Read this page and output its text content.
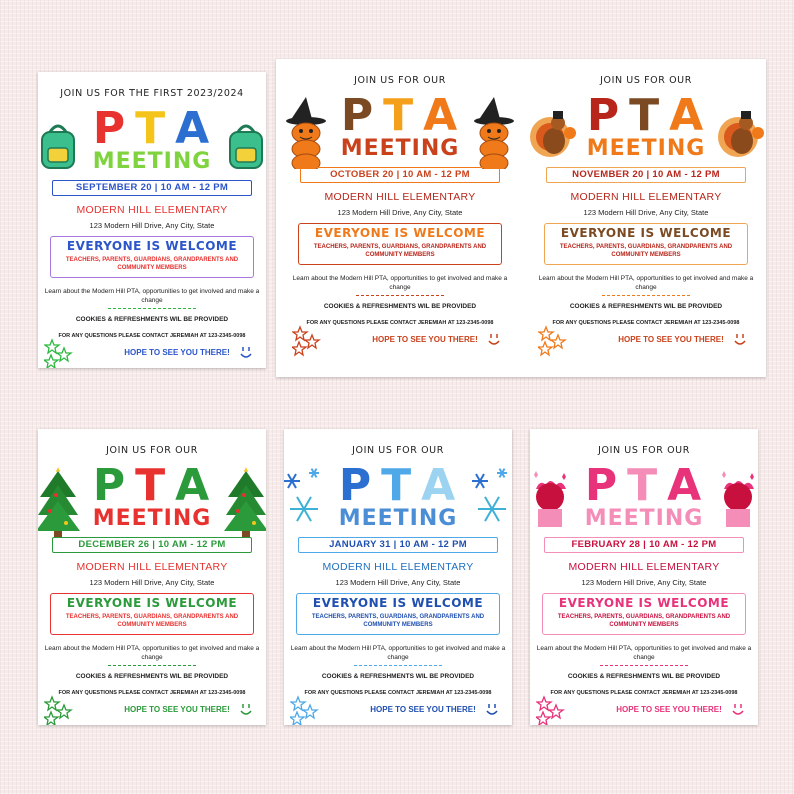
JOIN US FOR THE FIRST 2023/2024
P T A
MEETING
SEPTEMBER 20 | 10 AM - 12 PM
MODERN HILL ELEMENTARY
123 Modern Hill Drive, Any City, State
EVERYONE IS WELCOME
TEACHERS, PARENTS, GUARDIANS, GRANDPARENTS AND COMMUNITY MEMBERS
Learn about the Modern Hill PTA, opportunities to get involved and make a change
COOKIES & REFRESHMENTS WIL BE PROVIDED
FOR ANY QUESTIONS PLEASE CONTACT JEREMIAH AT 123-2345-0098
HOPE TO SEE YOU THERE!
JOIN US FOR OUR
P T A
MEETING
OCTOBER 20 | 10 AM - 12 PM
MODERN HILL ELEMENTARY
123 Modern Hill Drive, Any City, State
EVERYONE IS WELCOME
TEACHERS, PARENTS, GUARDIANS, GRANDPARENTS AND COMMUNITY MEMBERS
Learn about the Modern Hill PTA, opportunities to get involved and make a change
COOKIES & REFRESHMENTS WIL BE PROVIDED
FOR ANY QUESTIONS PLEASE CONTACT JEREMIAH AT 123-2345-0098
HOPE TO SEE YOU THERE!
JOIN US FOR OUR
P T A
MEETING
NOVEMBER 20 | 10 AM - 12 PM
MODERN HILL ELEMENTARY
123 Modern Hill Drive, Any City, State
EVERYONE IS WELCOME
TEACHERS, PARENTS, GUARDIANS, GRANDPARENTS AND COMMUNITY MEMBERS
Learn about the Modern Hill PTA, opportunities to get involved and make a change
COOKIES & REFRESHMENTS WIL BE PROVIDED
FOR ANY QUESTIONS PLEASE CONTACT JEREMIAH AT 123-2345-0098
HOPE TO SEE YOU THERE!
JOIN US FOR OUR
P T A
MEETING
DECEMBER 26 | 10 AM - 12 PM
MODERN HILL ELEMENTARY
123 Modern Hill Drive, Any City, State
EVERYONE IS WELCOME
TEACHERS, PARENTS, GUARDIANS, GRANDPARENTS AND COMMUNITY MEMBERS
Learn about the Modern Hill PTA, opportunities to get involved and make a change
COOKIES & REFRESHMENTS WIL BE PROVIDED
FOR ANY QUESTIONS PLEASE CONTACT JEREMIAH AT 123-2345-0098
HOPE TO SEE YOU THERE!
JOIN US FOR OUR
P T A
MEETING
JANUARY 31 | 10 AM - 12 PM
MODERN HILL ELEMENTARY
123 Modern Hill Drive, Any City, State
EVERYONE IS WELCOME
TEACHERS, PARENTS, GUARDIANS, GRANDPARENTS AND COMMUNITY MEMBERS
Learn about the Modern Hill PTA, opportunities to get involved and make a change
COOKIES & REFRESHMENTS WIL BE PROVIDED
FOR ANY QUESTIONS PLEASE CONTACT JEREMIAH AT 123-2345-0098
HOPE TO SEE YOU THERE!
JOIN US FOR OUR
P T A
MEETING
FEBRUARY 28 | 10 AM - 12 PM
MODERN HILL ELEMENTARY
123 Modern Hill Drive, Any City, State
EVERYONE IS WELCOME
TEACHERS, PARENTS, GUARDIANS, GRANDPARENTS AND COMMUNITY MEMBERS
Learn about the Modern Hill PTA, opportunities to get involved and make a change
COOKIES & REFRESHMENTS WIL BE PROVIDED
FOR ANY QUESTIONS PLEASE CONTACT JEREMIAH AT 123-2345-0098
HOPE TO SEE YOU THERE!
